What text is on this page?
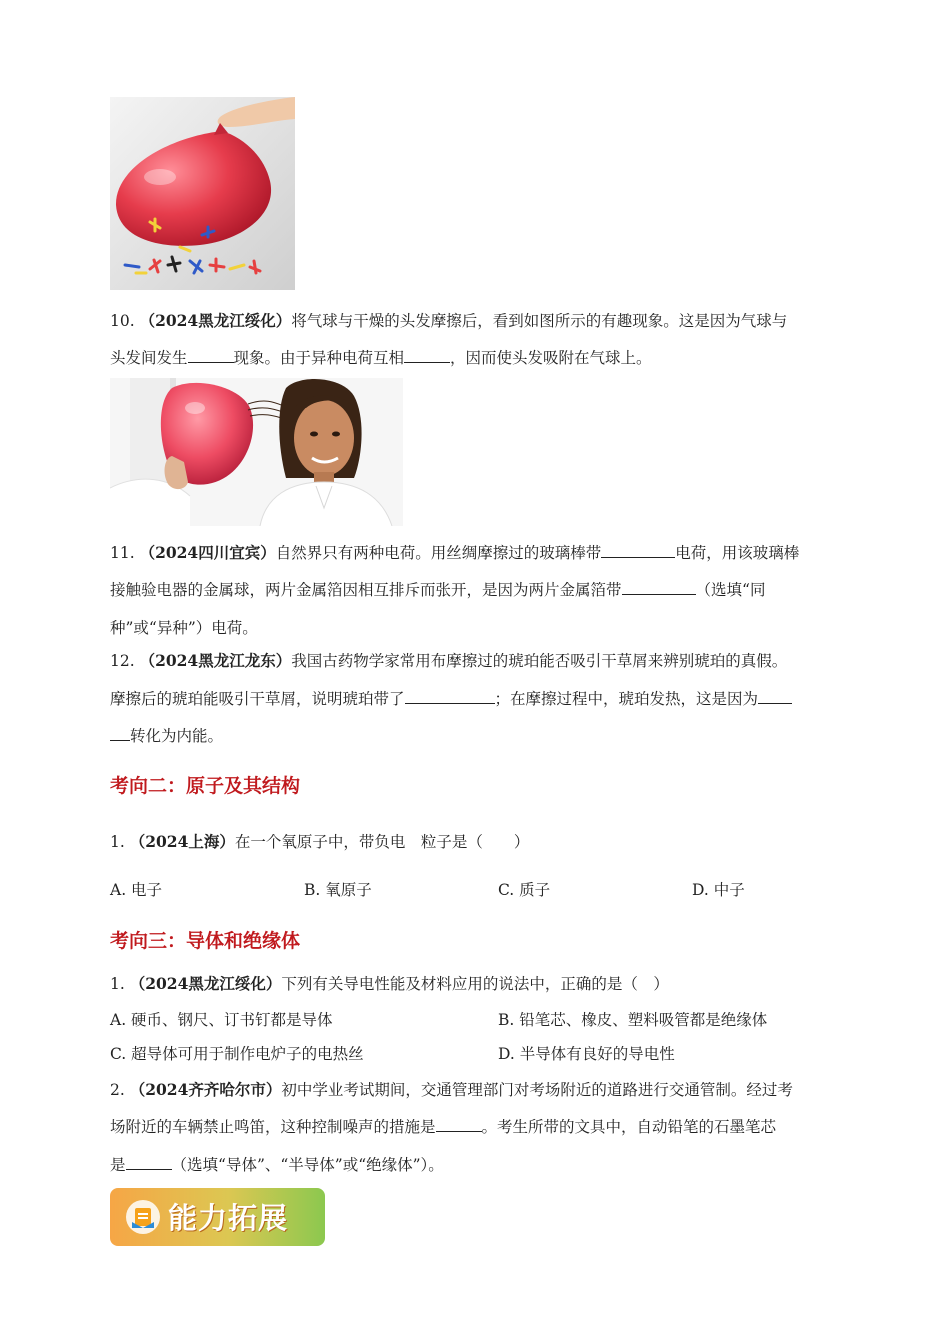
10. （2024黑龙江绥化）将气球与干燥的头发摩擦后，看到如图所示的有趣现象。这是因为气球与
头发间发生	现象。由于异种电荷互相	，因而使头发吸附在气球上。
11. （2024四川宜宾）自然界只有两种电荷。用丝绸摩擦过的玻璃棒带	电荷，用该玻璃棒
接触验电器的金属球，两片金属箔因相互排斥而张开，是因为两片金属箔带	（选填“同
种”或“异种”）电荷。
12. （2024黑龙江龙东）我国古药物学家常用布摩擦过的琥珀能否吸引干草屑来辨别琥珀的真假。
摩擦后的琥珀能吸引干草屑，说明琥珀带了	；在摩擦过程中，琥珀发热，这是因为
转化为内能。
考向二：原子及其结构
1. （2024上海）在一个氧原子中，带负电　粒子是（　　）
A. 电子	B. 氧原子	C. 质子	D. 中子
考向三：导体和绝缘体
1. （2024黑龙江绥化）下列有关导电性能及材料应用的说法中，正确的是（　）
A. 硬币、钢尺、订书钉都是导体	B. 铅笔芯、橡皮、塑料吸管都是绝缘体
C. 超导体可用于制作电炉子的电热丝	D. 半导体有良好的导电性
2. （2024齐齐哈尔市）初中学业考试期间，交通管理部门对考场附近的道路进行交通管制。经过考
场附近的车辆禁止鸣笛，这种控制噪声的措施是	。考生所带的文具中，自动铅笔的石墨笔芯
是	（选填“导体”、“半导体”或“绝缘体”）。
能力拓展
